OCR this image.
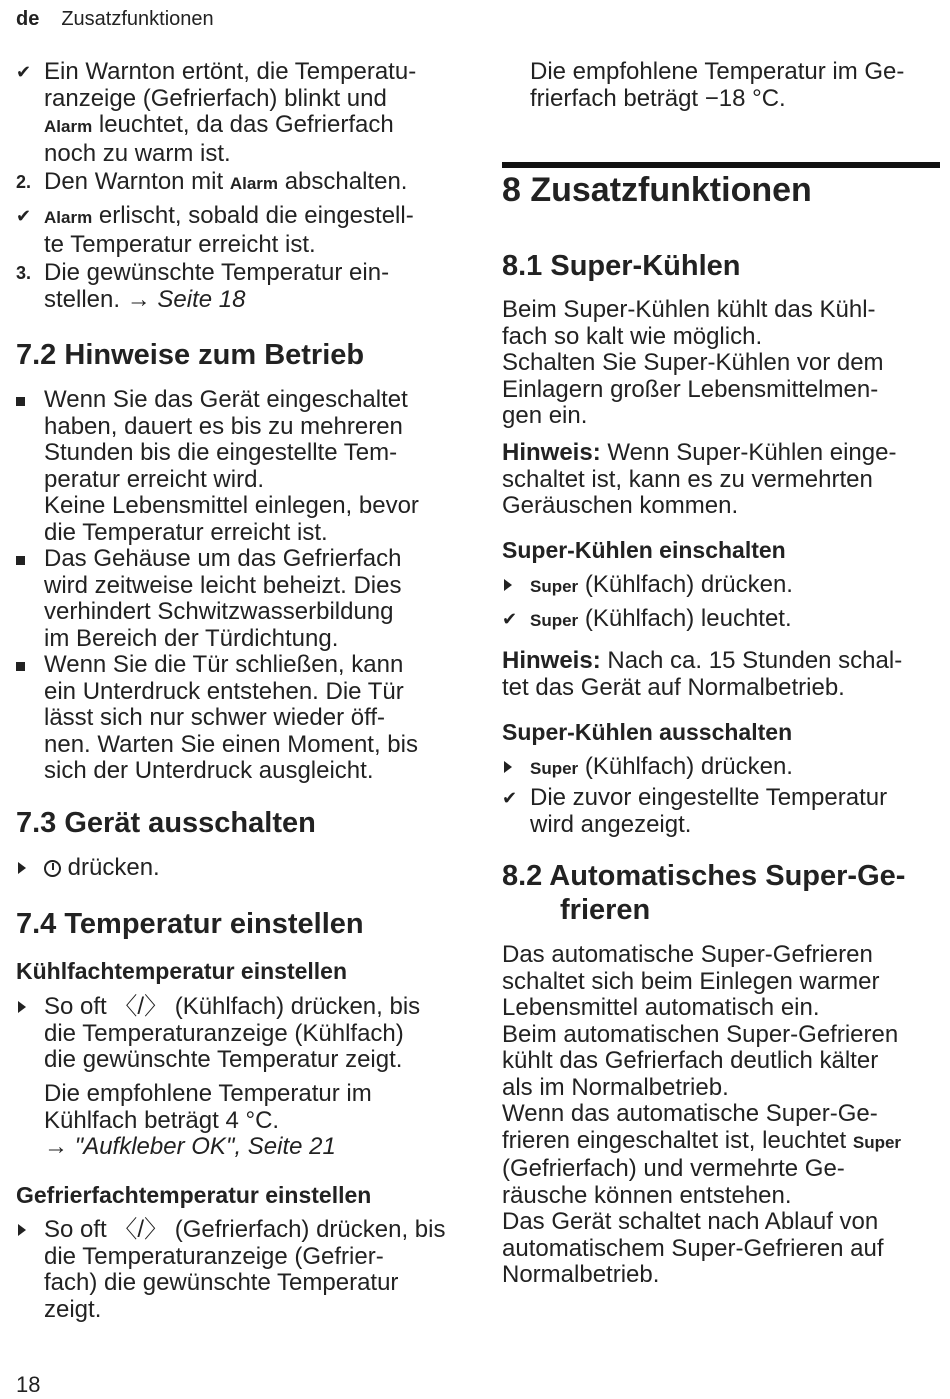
de Zusatzfunktionen
✔ Ein Warnton ertönt, die Temperatu-
ranzeige (Gefrierfach) blinkt und
Alarm leuchtet, da das Gefrierfach
noch zu warm ist.
2. Den Warnton mit Alarm abschalten.
✔ Alarm erlischt, sobald die eingestell-
te Temperatur erreicht ist.
3. Die gewünschte Temperatur ein-
stellen. → Seite 18
7.2 Hinweise zum Betrieb
Wenn Sie das Gerät eingeschaltet
haben, dauert es bis zu mehreren
Stunden bis die eingestellte Tem-
peratur erreicht wird.
Keine Lebensmittel einlegen, bevor
die Temperatur erreicht ist.
Das Gehäuse um das Gefrierfach
wird zeitweise leicht beheizt. Dies
verhindert Schwitzwasserbildung
im Bereich der Türdichtung.
Wenn Sie die Tür schließen, kann
ein Unterdruck entstehen. Die Tür
lässt sich nur schwer wieder öff-
nen. Warten Sie einen Moment, bis
sich der Unterdruck ausgleicht.
7.3 Gerät ausschalten
drücken.
7.4 Temperatur einstellen
Kühlfachtemperatur einstellen
So oft 〈/〉 (Kühlfach) drücken, bis
die Temperaturanzeige (Kühlfach)
die gewünschte Temperatur zeigt.
Die empfohlene Temperatur im
Kühlfach beträgt 4 °C.
→ "Aufkleber OK", Seite 21
Gefrierfachtemperatur einstellen
So oft 〈/〉 (Gefrierfach) drücken, bis
die Temperaturanzeige (Gefrier-
fach) die gewünschte Temperatur
zeigt.
Die empfohlene Temperatur im Ge-
frierfach beträgt −18 °C.
8 Zusatzfunktionen
8.1 Super-Kühlen
Beim Super-Kühlen kühlt das Kühl-
fach so kalt wie möglich.
Schalten Sie Super-Kühlen vor dem
Einlagern großer Lebensmittelmen-
gen ein.
Hinweis: Wenn Super-Kühlen einge-
schaltet ist, kann es zu vermehrten
Geräuschen kommen.
Super-Kühlen einschalten
Super (Kühlfach) drücken.
✔ Super (Kühlfach) leuchtet.
Hinweis: Nach ca. 15 Stunden schal-
tet das Gerät auf Normalbetrieb.
Super-Kühlen ausschalten
Super (Kühlfach) drücken.
✔ Die zuvor eingestellte Temperatur
wird angezeigt.
8.2 Automatisches Super-Ge-
frieren
Das automatische Super-Gefrieren
schaltet sich beim Einlegen warmer
Lebensmittel automatisch ein.
Beim automatischen Super-Gefrieren
kühlt das Gefrierfach deutlich kälter
als im Normalbetrieb.
Wenn das automatische Super-Ge-
frieren eingeschaltet ist, leuchtet Super
(Gefrierfach) und vermehrte Ge-
räusche können entstehen.
Das Gerät schaltet nach Ablauf von
automatischem Super-Gefrieren auf
Normalbetrieb.
18
